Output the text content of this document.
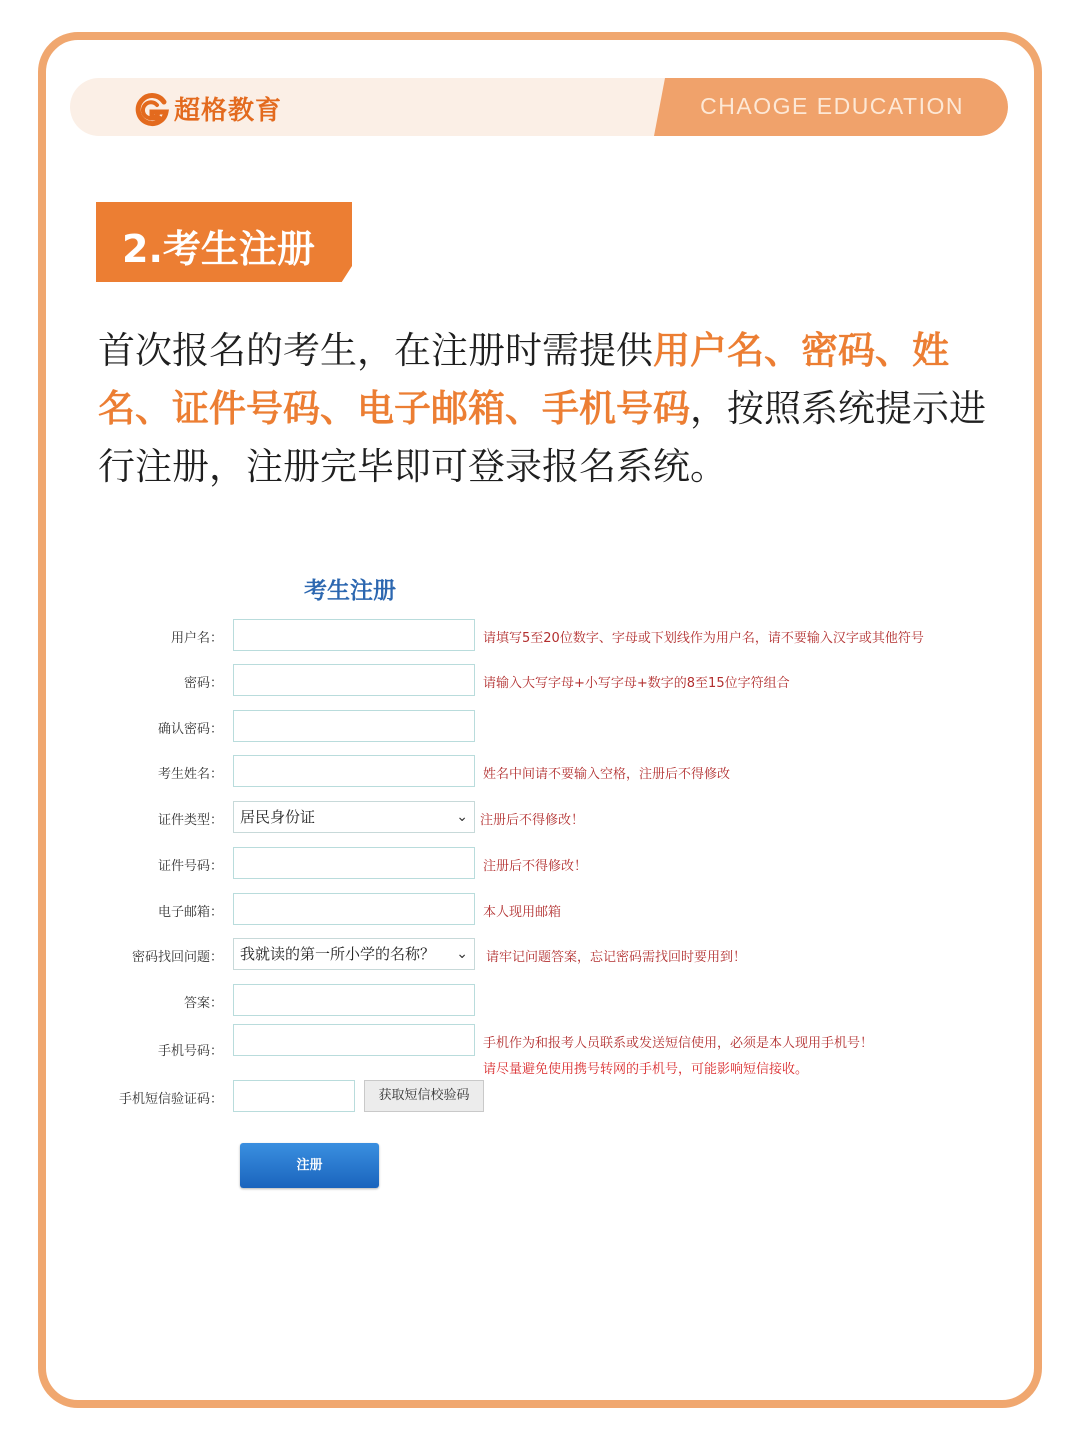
CHAOGE EDUCATION
超格教育
2.考生注册
首次报名的考生，在注册时需提供用户名、密码、姓名、证件号码、电子邮箱、手机号码，按照系统提示进行注册，注册完毕即可登录报名系统。
考生注册
用户名：	请填写5至20位数字、字母或下划线作为用户名，请不要输入汉字或其他符号
密码：	请输入大写字母+小写字母+数字的8至15位字符组合
确认密码：
考生姓名：	姓名中间请不要输入空格，注册后不得修改
证件类型：	居民身份证	⌄ 注册后不得修改！
证件号码：	注册后不得修改！
电子邮箱：	本人现用邮箱
密码找回问题：	我就读的第一所小学的名称？ ⌄ 请牢记问题答案，忘记密码需找回时要用到！
答案：
手机号码：
手机作为和报考人员联系或发送短信使用，必须是本人现用手机号！
请尽量避免使用携号转网的手机号，可能影响短信接收。
手机短信验证码：	获取短信校验码
注册
